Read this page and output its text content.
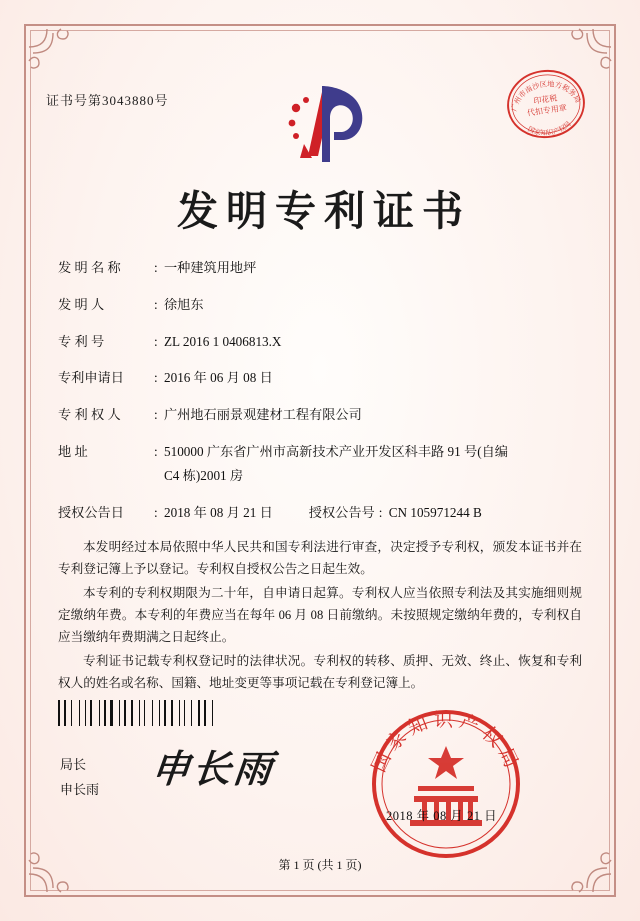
证书号第3043880号	广州市南沙区地方税务局
印花税
代扣专用章
国家知识产权局
发明专利证书
发 明 名 称	: 一种建筑用地坪
发 明 人	: 徐旭东
专 利 号	: ZL 2016 1 0406813.X
专利申请日	: 2016 年 06 月 08 日
专 利 权 人	: 广州地石丽景观建材工程有限公司
地 址	: 510000 广东省广州市高新技术产业开发区科丰路 91 号(自编
C4 栋)2001 房
授权公告日	: 2018 年 08 月 21 日	授权公告号 : CN 105971244 B

本发明经过本局依照中华人民共和国专利法进行审查，决定授予专利权，颁发本证书并在专利登记簿上予以登记。专利权自授权公告之日起生效。

本专利的专利权期限为二十年，自申请日起算。专利权人应当依照专利法及其实施细则规定缴纳年费。本专利的年费应当在每年 06 月 08 日前缴纳。未按照规定缴纳年费的，专利权自应当缴纳年费期满之日起终止。

专利证书记载专利权登记时的法律状况。专利权的转移、质押、无效、终止、恢复和专利权人的姓名或名称、国籍、地址变更等事项记载在专利登记簿上。

局长
申长雨 申长雨	国家知识产权局
2018 年 08 月 21 日
第 1 页 (共 1 页)
